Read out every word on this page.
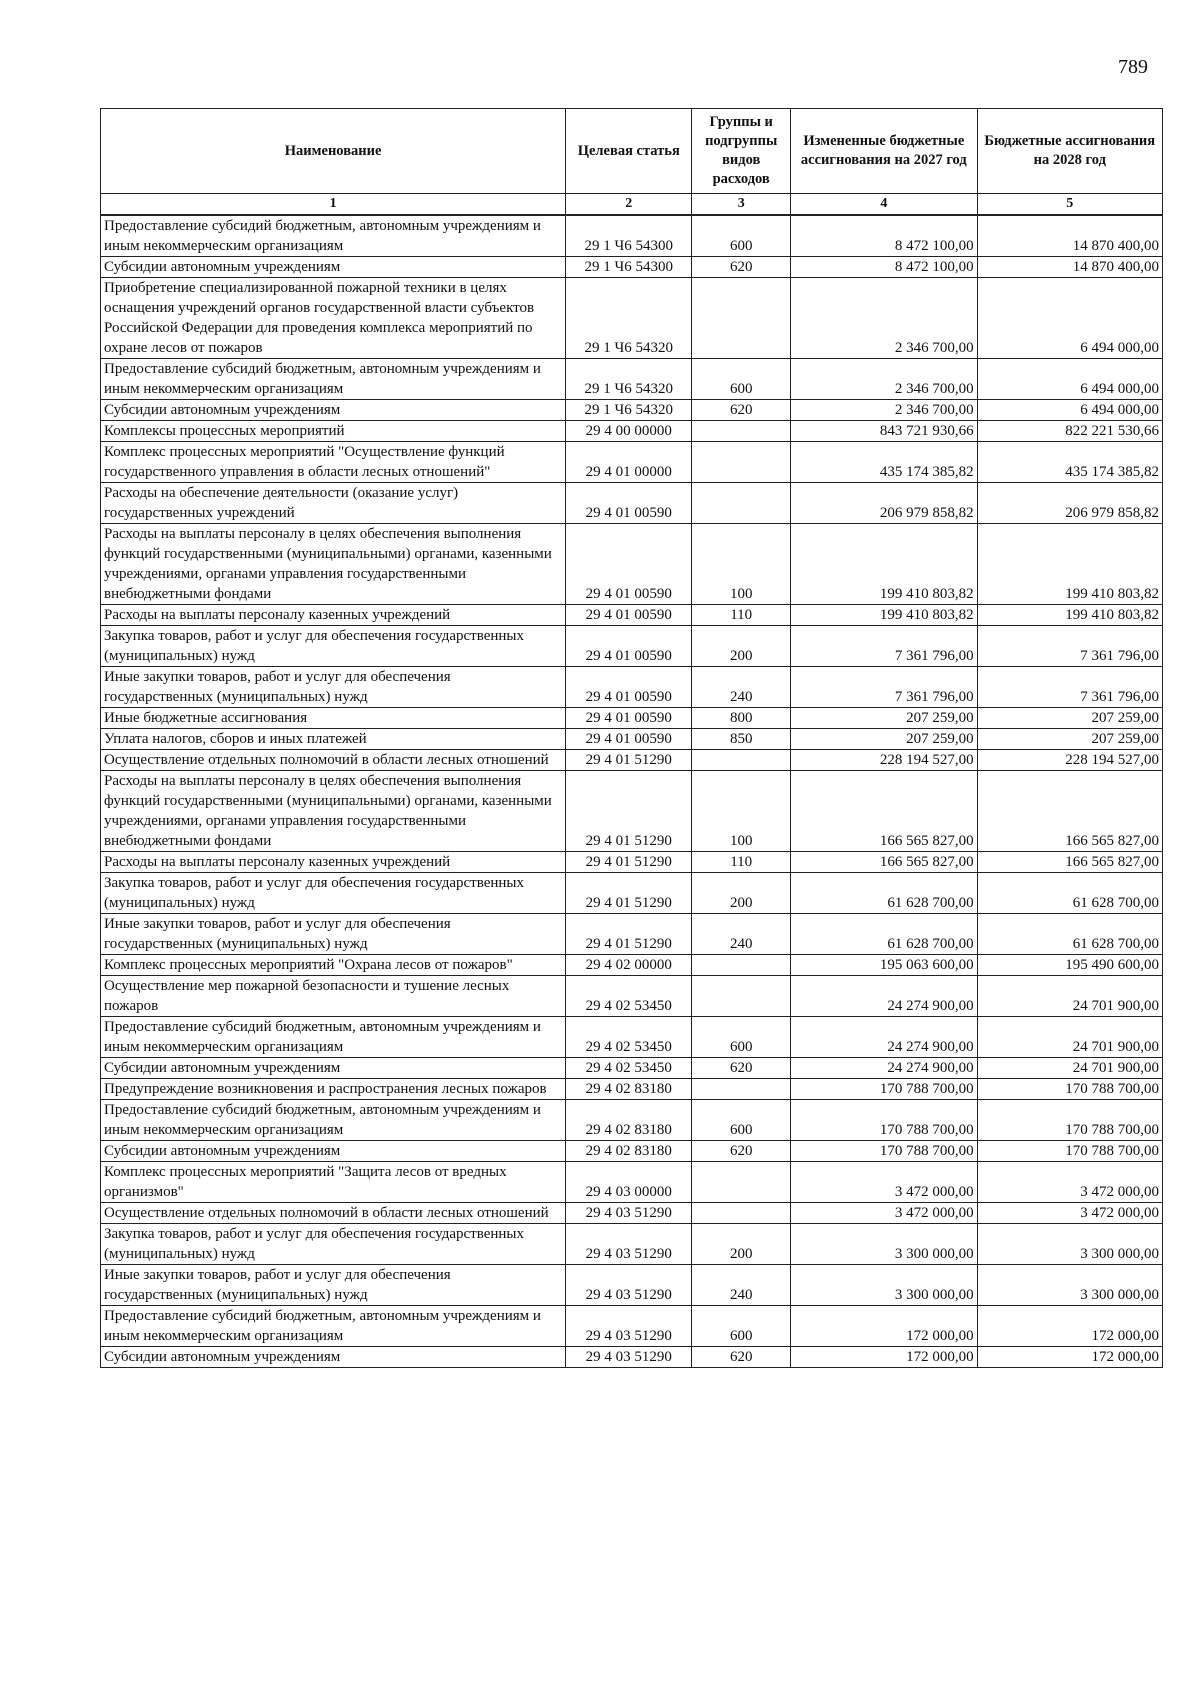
789
Наименование	Целевая статья	Группы и подгруппы видов расходов	Измененные бюджетные ассигнования на 2027 год	Бюджетные ассигнования на 2028 год
1	2	3	4	5
Предоставление субсидий бюджетным, автономным учреждениям и иным некоммерческим организациям	29 1 Ч6 54300	600	8 472 100,00	14 870 400,00
Субсидии автономным учреждениям	29 1 Ч6 54300	620	8 472 100,00	14 870 400,00
Приобретение специализированной пожарной техники в целях оснащения учреждений органов государственной власти субъектов Российской Федерации для проведения комплекса мероприятий по охране лесов от пожаров	29 1 Ч6 54320		2 346 700,00	6 494 000,00
Предоставление субсидий бюджетным, автономным учреждениям и иным некоммерческим организациям	29 1 Ч6 54320	600	2 346 700,00	6 494 000,00
Субсидии автономным учреждениям	29 1 Ч6 54320	620	2 346 700,00	6 494 000,00
Комплексы процессных мероприятий	29 4 00 00000		843 721 930,66	822 221 530,66
Комплекс процессных мероприятий "Осуществление функций государственного управления в области лесных отношений"	29 4 01 00000		435 174 385,82	435 174 385,82
Расходы на обеспечение деятельности (оказание услуг) государственных учреждений	29 4 01 00590		206 979 858,82	206 979 858,82
Расходы на выплаты персоналу в целях обеспечения выполнения функций государственными (муниципальными) органами, казенными учреждениями, органами управления государственными внебюджетными фондами	29 4 01 00590	100	199 410 803,82	199 410 803,82
Расходы на выплаты персоналу казенных учреждений	29 4 01 00590	110	199 410 803,82	199 410 803,82
Закупка товаров, работ и услуг для обеспечения государственных (муниципальных) нужд	29 4 01 00590	200	7 361 796,00	7 361 796,00
Иные закупки товаров, работ и услуг для обеспечения государственных (муниципальных) нужд	29 4 01 00590	240	7 361 796,00	7 361 796,00
Иные бюджетные ассигнования	29 4 01 00590	800	207 259,00	207 259,00
Уплата налогов, сборов и иных платежей	29 4 01 00590	850	207 259,00	207 259,00
Осуществление отдельных полномочий в области лесных отношений	29 4 01 51290		228 194 527,00	228 194 527,00
Расходы на выплаты персоналу в целях обеспечения выполнения функций государственными (муниципальными) органами, казенными учреждениями, органами управления государственными внебюджетными фондами	29 4 01 51290	100	166 565 827,00	166 565 827,00
Расходы на выплаты персоналу казенных учреждений	29 4 01 51290	110	166 565 827,00	166 565 827,00
Закупка товаров, работ и услуг для обеспечения государственных (муниципальных) нужд	29 4 01 51290	200	61 628 700,00	61 628 700,00
Иные закупки товаров, работ и услуг для обеспечения государственных (муниципальных) нужд	29 4 01 51290	240	61 628 700,00	61 628 700,00
Комплекс процессных мероприятий "Охрана лесов от пожаров"	29 4 02 00000		195 063 600,00	195 490 600,00
Осуществление мер пожарной безопасности и тушение лесных пожаров	29 4 02 53450		24 274 900,00	24 701 900,00
Предоставление субсидий бюджетным, автономным учреждениям и иным некоммерческим организациям	29 4 02 53450	600	24 274 900,00	24 701 900,00
Субсидии автономным учреждениям	29 4 02 53450	620	24 274 900,00	24 701 900,00
Предупреждение возникновения и распространения лесных пожаров	29 4 02 83180		170 788 700,00	170 788 700,00
Предоставление субсидий бюджетным, автономным учреждениям и иным некоммерческим организациям	29 4 02 83180	600	170 788 700,00	170 788 700,00
Субсидии автономным учреждениям	29 4 02 83180	620	170 788 700,00	170 788 700,00
Комплекс процессных мероприятий "Защита лесов от вредных организмов"	29 4 03 00000		3 472 000,00	3 472 000,00
Осуществление отдельных полномочий в области лесных отношений	29 4 03 51290		3 472 000,00	3 472 000,00
Закупка товаров, работ и услуг для обеспечения государственных (муниципальных) нужд	29 4 03 51290	200	3 300 000,00	3 300 000,00
Иные закупки товаров, работ и услуг для обеспечения государственных (муниципальных) нужд	29 4 03 51290	240	3 300 000,00	3 300 000,00
Предоставление субсидий бюджетным, автономным учреждениям и иным некоммерческим организациям	29 4 03 51290	600	172 000,00	172 000,00
Субсидии автономным учреждениям	29 4 03 51290	620	172 000,00	172 000,00
